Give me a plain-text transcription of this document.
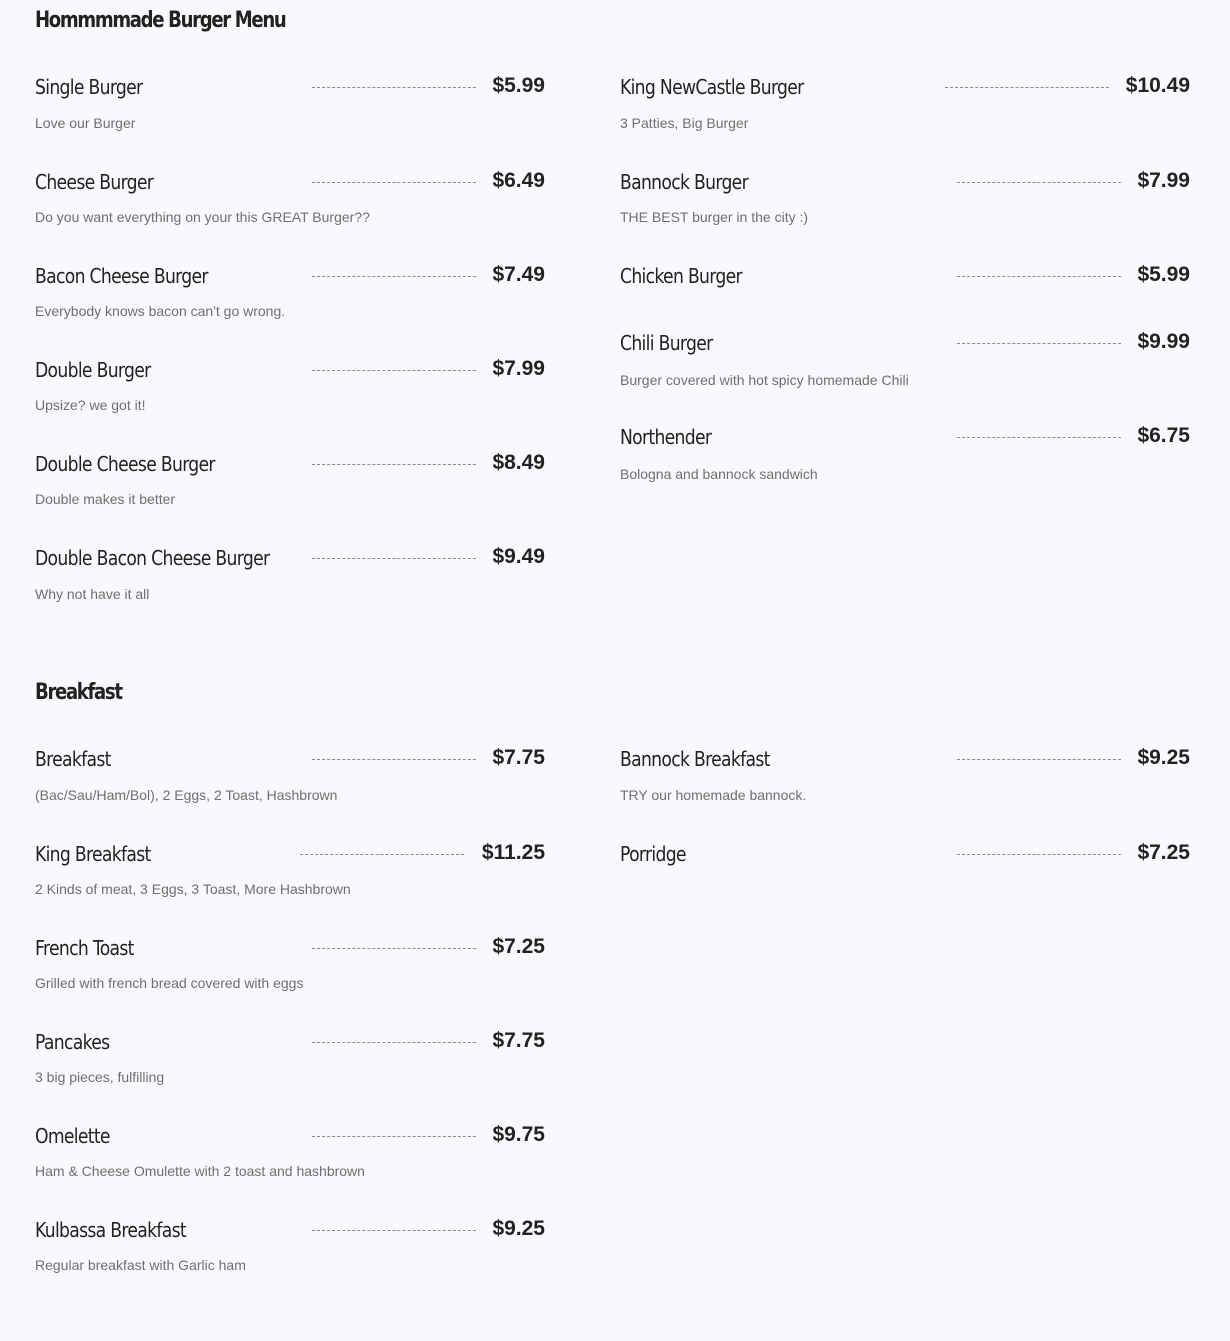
Hommmmade Burger Menu
Single Burger	$5.99
Love our Burger
Cheese Burger	$6.49
Do you want everything on your this GREAT Burger??
Bacon Cheese Burger	$7.49
Everybody knows bacon can't go wrong.
Double Burger	$7.99
Upsize? we got it!
Double Cheese Burger	$8.49
Double makes it better
Double Bacon Cheese Burger	$9.49
Why not have it all
King NewCastle Burger	$10.49
3 Patties, Big Burger
Bannock Burger	$7.99
THE BEST burger in the city :)
Chicken Burger	$5.99
Chili Burger	$9.99
Burger covered with hot spicy homemade Chili
Northender	$6.75
Bologna and bannock sandwich
Breakfast
Breakfast	$7.75
(Bac/Sau/Ham/Bol), 2 Eggs, 2 Toast, Hashbrown
King Breakfast	$11.25
2 Kinds of meat, 3 Eggs, 3 Toast, More Hashbrown
French Toast	$7.25
Grilled with french bread covered with eggs
Pancakes	$7.75
3 big pieces, fulfilling
Omelette	$9.75
Ham & Cheese Omulette with 2 toast and hashbrown
Kulbassa Breakfast	$9.25
Regular breakfast with Garlic ham
Bannock Breakfast	$9.25
TRY our homemade bannock.
Porridge	$7.25
